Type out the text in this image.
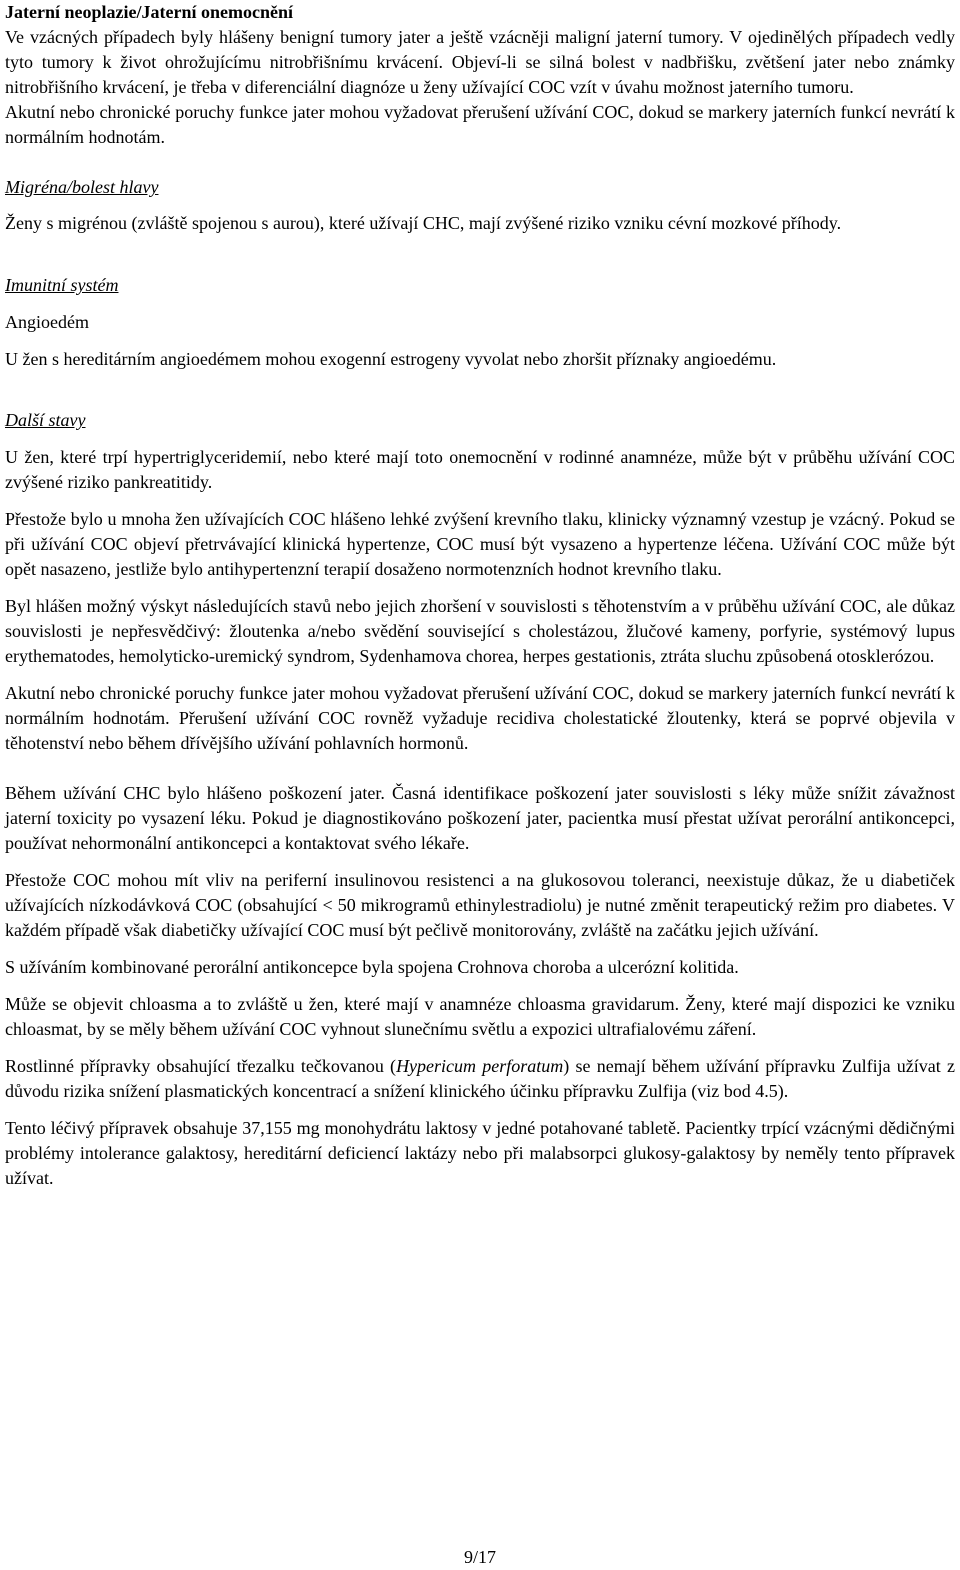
Jaterní neoplazie/Jaterní onemocnění

Ve vzácných případech byly hlášeny benigní tumory jater a ještě vzácněji maligní jaterní tumory. V ojedinělých případech vedly tyto tumory k život ohrožujícímu nitrobřišnímu krvácení. Objeví-li se silná bolest v nadbřišku, zvětšení jater nebo známky nitrobřišního krvácení, je třeba v diferenciální diagnóze u ženy užívající COC vzít v úvahu možnost jaterního tumoru.

Akutní nebo chronické poruchy funkce jater mohou vyžadovat přerušení užívání COC, dokud se markery jaterních funkcí nevrátí k normálním hodnotám.

Migréna/bolest hlavy

Ženy s migrénou (zvláště spojenou s aurou), které užívají CHC, mají zvýšené riziko vzniku cévní mozkové příhody.

Imunitní systém

Angioedém

U žen s hereditárním angioedémem mohou exogenní estrogeny vyvolat nebo zhoršit příznaky angioedému.

Další stavy

U žen, které trpí hypertriglyceridemií, nebo které mají toto onemocnění v rodinné anamnéze, může být v průběhu užívání COC zvýšené riziko pankreatitidy.

Přestože bylo u mnoha žen užívajících COC hlášeno lehké zvýšení krevního tlaku, klinicky významný vzestup je vzácný. Pokud se při užívání COC objeví přetrvávající klinická hypertenze, COC musí být vysazeno a hypertenze léčena. Užívání COC může být opět nasazeno, jestliže bylo antihypertenzní terapií dosaženo normotenzních hodnot krevního tlaku.

Byl hlášen možný výskyt následujících stavů nebo jejich zhoršení v souvislosti s těhotenstvím a v průběhu užívání COC, ale důkaz souvislosti je nepřesvědčivý: žloutenka a/nebo svědění související s cholestázou, žlučové kameny, porfyrie, systémový lupus erythematodes, hemolyticko-uremický syndrom, Sydenhamova chorea, herpes gestationis, ztráta sluchu způsobená otosklerózou.

Akutní nebo chronické poruchy funkce jater mohou vyžadovat přerušení užívání COC, dokud se markery jaterních funkcí nevrátí k normálním hodnotám. Přerušení užívání COC rovněž vyžaduje recidiva cholestatické žloutenky, která se poprvé objevila v těhotenství nebo během dřívějšího užívání pohlavních hormonů.

Během užívání CHC bylo hlášeno poškození jater. Časná identifikace poškození jater souvislosti s léky může snížit závažnost jaterní toxicity po vysazení léku. Pokud je diagnostikováno poškození jater, pacientka musí přestat užívat perorální antikoncepci, používat nehormonální antikoncepci a kontaktovat svého lékaře.

Přestože COC mohou mít vliv na periferní insulinovou resistenci a na glukosovou toleranci, neexistuje důkaz, že u diabetiček užívajících nízkodávková COC (obsahující < 50 mikrogramů ethinylestradiolu) je nutné změnit terapeutický režim pro diabetes. V každém případě však diabetičky užívající COC musí být pečlivě monitorovány, zvláště na začátku jejich užívání.

S užíváním kombinované perorální antikoncepce byla spojena Crohnova choroba a ulcerózní kolitida.

Může se objevit chloasma a to zvláště u žen, které mají v anamnéze chloasma gravidarum. Ženy, které mají dispozici ke vzniku chloasmat, by se měly během užívání COC vyhnout slunečnímu světlu a expozici ultrafialovému záření.

Rostlinné přípravky obsahující třezalku tečkovanou (Hypericum perforatum) se nemají během užívání přípravku Zulfija užívat z důvodu rizika snížení plasmatických koncentrací a snížení klinického účinku přípravku Zulfija (viz bod 4.5).

Tento léčivý přípravek obsahuje 37,155 mg monohydrátu laktosy v jedné potahované tabletě. Pacientky trpící vzácnými dědičnými problémy intolerance galaktosy, hereditární deficiencí laktázy nebo při malabsorpci glukosy-galaktosy by neměly tento přípravek užívat.

9/17
